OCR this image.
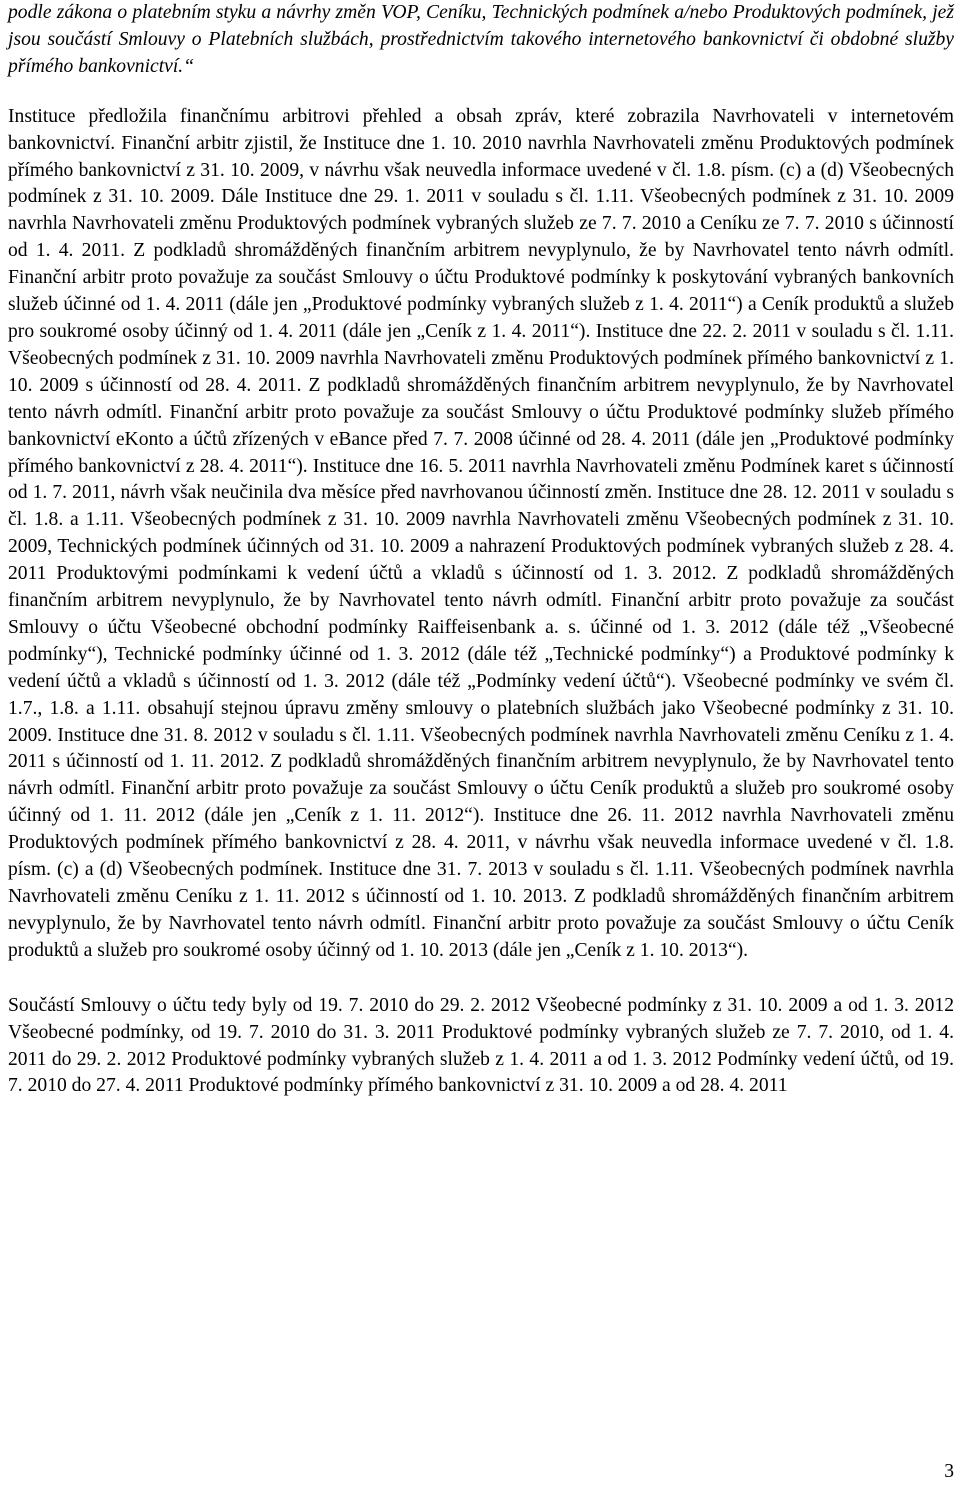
podle zákona o platebním styku a návrhy změn VOP, Ceníku, Technických podmínek a/nebo Produktových podmínek, jež jsou součástí Smlouvy o Platebních službách, prostřednictvím takového internetového bankovnictví či obdobné služby přímého bankovnictví.“

Instituce předložila finančnímu arbitrovi přehled a obsah zpráv, které zobrazila Navrhovateli v internetovém bankovnictví. Finanční arbitr zjistil, že Instituce dne 1. 10. 2010 navrhla Navrhovateli změnu Produktových podmínek přímého bankovnictví z 31. 10. 2009, v návrhu však neuvedla informace uvedené v čl. 1.8. písm. (c) a (d) Všeobecných podmínek z 31. 10. 2009. Dále Instituce dne 29. 1. 2011 v souladu s čl. 1.11. Všeobecných podmínek z 31. 10. 2009 navrhla Navrhovateli změnu Produktových podmínek vybraných služeb ze 7. 7. 2010 a Ceníku ze 7. 7. 2010 s účinností od 1. 4. 2011. Z podkladů shromážděných finančním arbitrem nevyplynulo, že by Navrhovatel tento návrh odmítl. Finanční arbitr proto považuje za součást Smlouvy o účtu Produktové podmínky k poskytování vybraných bankovních služeb účinné od 1. 4. 2011 (dále jen „Produktové podmínky vybraných služeb z 1. 4. 2011“) a Ceník produktů a služeb pro soukromé osoby účinný od 1. 4. 2011 (dále jen „Ceník z 1. 4. 2011“). Instituce dne 22. 2. 2011 v souladu s čl. 1.11. Všeobecných podmínek z 31. 10. 2009 navrhla Navrhovateli změnu Produktových podmínek přímého bankovnictví z 1. 10. 2009 s účinností od 28. 4. 2011. Z podkladů shromážděných finančním arbitrem nevyplynulo, že by Navrhovatel tento návrh odmítl. Finanční arbitr proto považuje za součást Smlouvy o účtu Produktové podmínky služeb přímého bankovnictví eKonto a účtů zřízených v eBance před 7. 7. 2008 účinné od 28. 4. 2011 (dále jen „Produktové podmínky přímého bankovnictví z 28. 4. 2011“). Instituce dne 16. 5. 2011 navrhla Navrhovateli změnu Podmínek karet s účinností od 1. 7. 2011, návrh však neučinila dva měsíce před navrhovanou účinností změn. Instituce dne 28. 12. 2011 v souladu s čl. 1.8. a 1.11. Všeobecných podmínek z 31. 10. 2009 navrhla Navrhovateli změnu Všeobecných podmínek z 31. 10. 2009, Technických podmínek účinných od 31. 10. 2009 a nahrazení Produktových podmínek vybraných služeb z 28. 4. 2011 Produktovými podmínkami k vedení účtů a vkladů s účinností od 1. 3. 2012. Z podkladů shromážděných finančním arbitrem nevyplynulo, že by Navrhovatel tento návrh odmítl. Finanční arbitr proto považuje za součást Smlouvy o účtu Všeobecné obchodní podmínky Raiffeisenbank a. s. účinné od 1. 3. 2012 (dále též „Všeobecné podmínky“), Technické podmínky účinné od 1. 3. 2012 (dále též „Technické podmínky“) a Produktové podmínky k vedení účtů a vkladů s účinností od 1. 3. 2012 (dále též „Podmínky vedení účtů“). Všeobecné podmínky ve svém čl. 1.7., 1.8. a 1.11. obsahují stejnou úpravu změny smlouvy o platebních službách jako Všeobecné podmínky z 31. 10. 2009. Instituce dne 31. 8. 2012 v souladu s čl. 1.11. Všeobecných podmínek navrhla Navrhovateli změnu Ceníku z 1. 4. 2011 s účinností od 1. 11. 2012. Z podkladů shromážděných finančním arbitrem nevyplynulo, že by Navrhovatel tento návrh odmítl. Finanční arbitr proto považuje za součást Smlouvy o účtu Ceník produktů a služeb pro soukromé osoby účinný od 1. 11. 2012 (dále jen „Ceník z 1. 11. 2012“). Instituce dne 26. 11. 2012 navrhla Navrhovateli změnu Produktových podmínek přímého bankovnictví z 28. 4. 2011, v návrhu však neuvedla informace uvedené v čl. 1.8. písm. (c) a (d) Všeobecných podmínek. Instituce dne 31. 7. 2013 v souladu s čl. 1.11. Všeobecných podmínek navrhla Navrhovateli změnu Ceníku z 1. 11. 2012 s účinností od 1. 10. 2013. Z podkladů shromážděných finančním arbitrem nevyplynulo, že by Navrhovatel tento návrh odmítl. Finanční arbitr proto považuje za součást Smlouvy o účtu Ceník produktů a služeb pro soukromé osoby účinný od 1. 10. 2013 (dále jen „Ceník z 1. 10. 2013“).

Součástí Smlouvy o účtu tedy byly od 19. 7. 2010 do 29. 2. 2012 Všeobecné podmínky z 31. 10. 2009 a od 1. 3. 2012 Všeobecné podmínky, od 19. 7. 2010 do 31. 3. 2011 Produktové podmínky vybraných služeb ze 7. 7. 2010, od 1. 4. 2011 do 29. 2. 2012 Produktové podmínky vybraných služeb z 1. 4. 2011 a od 1. 3. 2012 Podmínky vedení účtů, od 19. 7. 2010 do 27. 4. 2011 Produktové podmínky přímého bankovnictví z 31. 10. 2009 a od 28. 4. 2011

3
